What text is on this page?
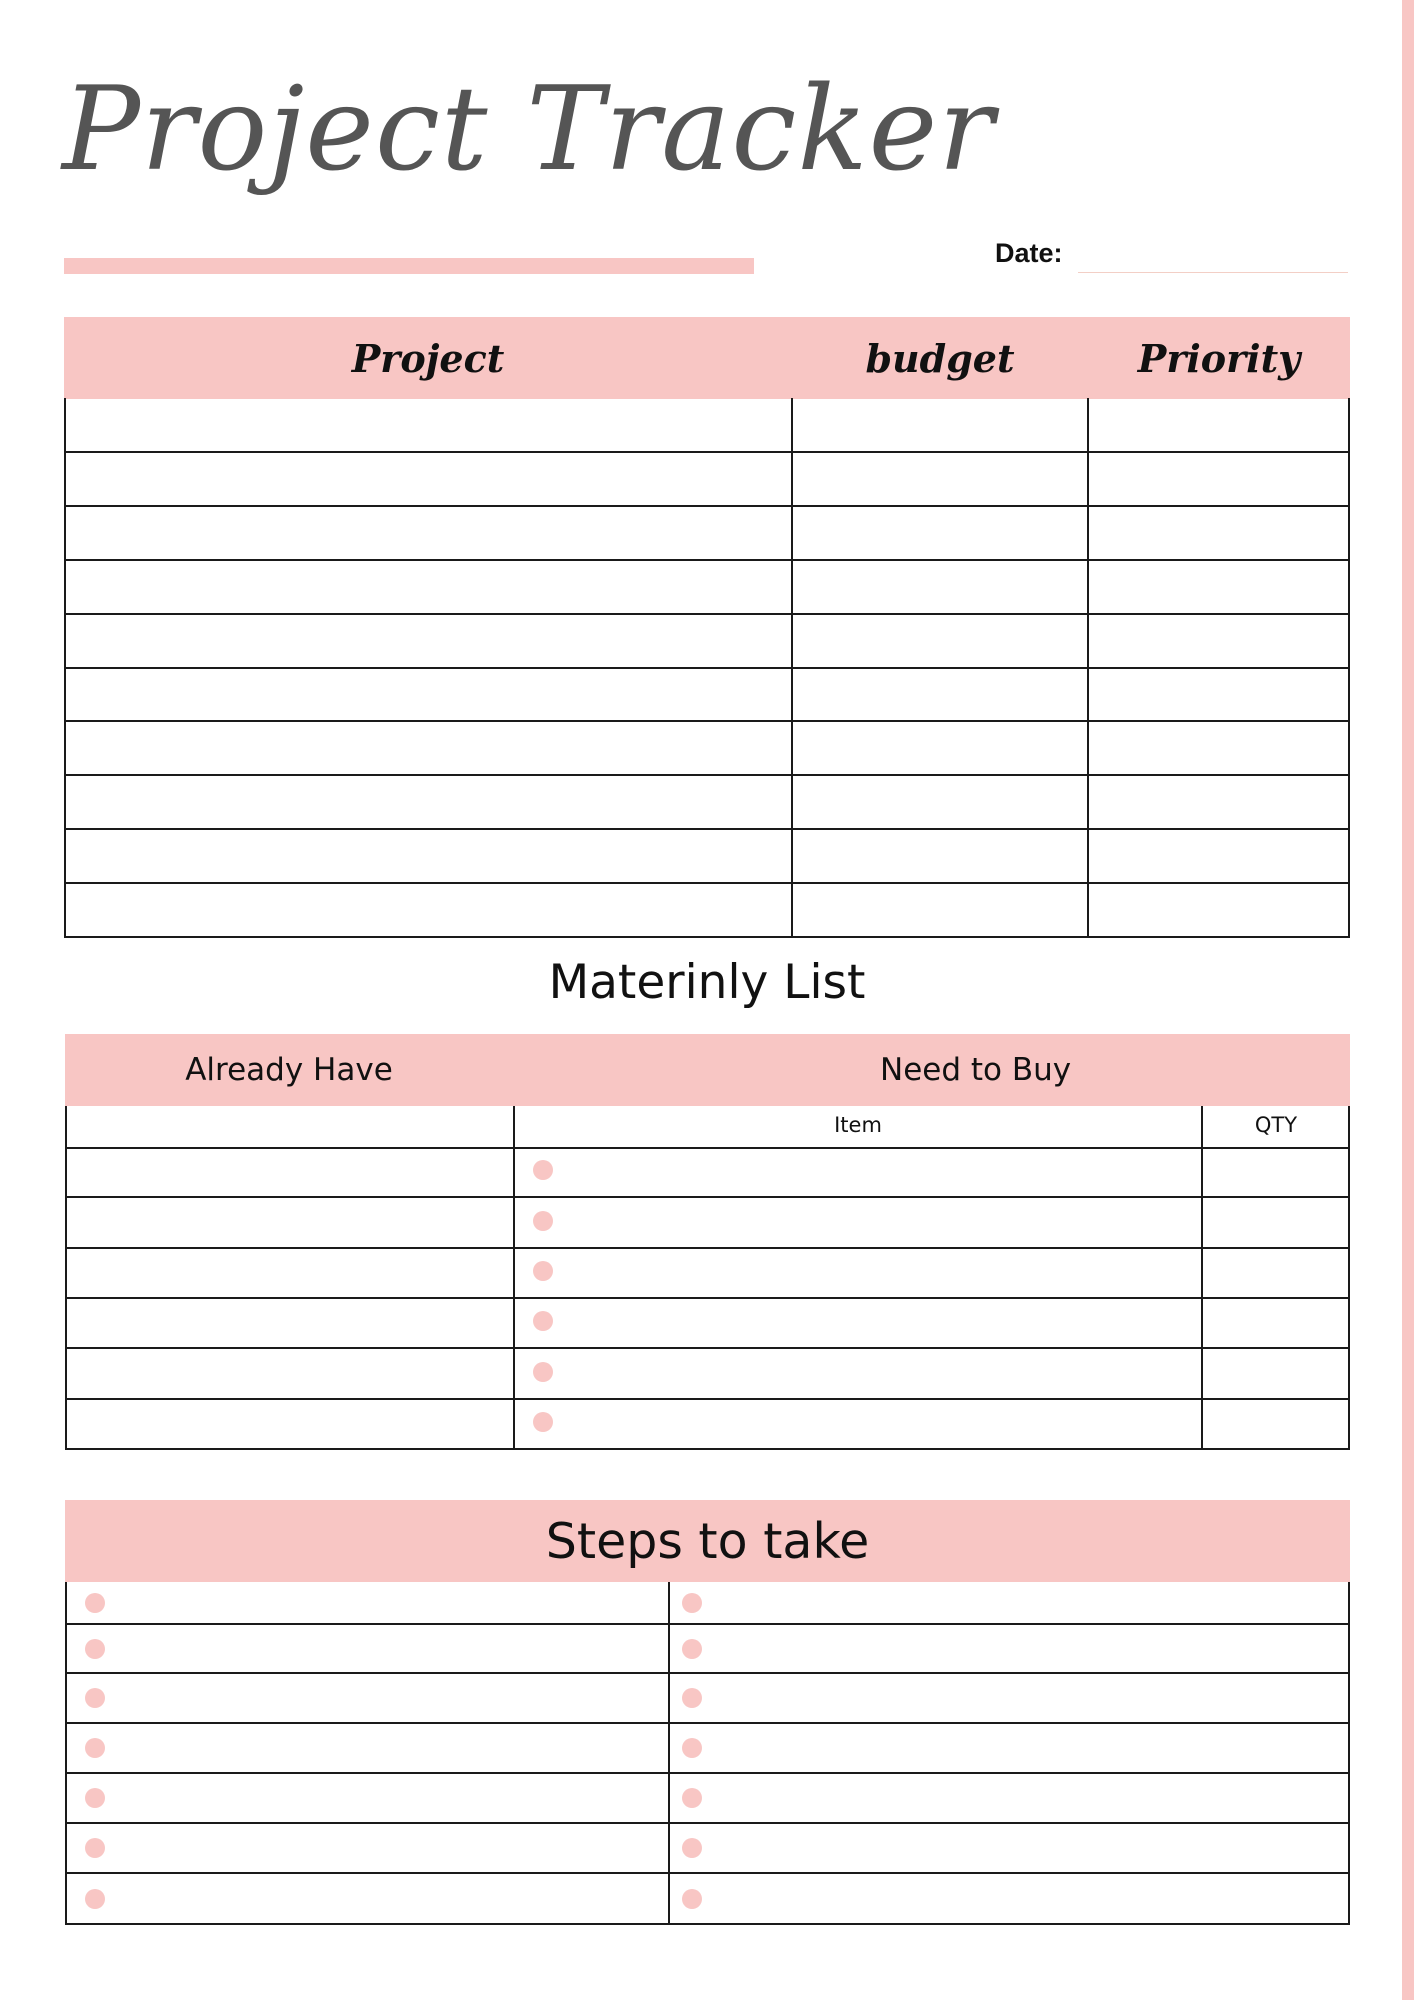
Project Tracker
Date:
Project	budget	Priority
Materinly List
Already Have	Need to Buy
Item	QTY
Steps to take
